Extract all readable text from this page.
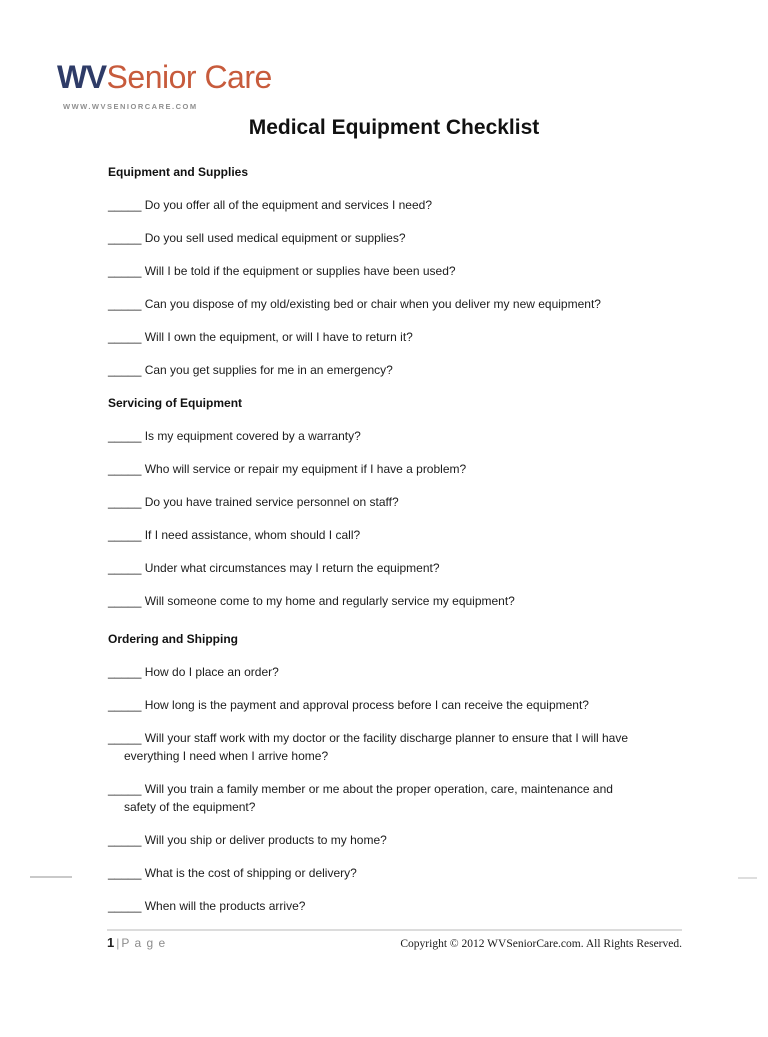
WVSenior Care
WWW.WVSENIORCARE.COM
Medical Equipment Checklist
Equipment and Supplies
_____ Do you offer all of the equipment and services I need?
_____ Do you sell used medical equipment or supplies?
_____ Will I be told if the equipment or supplies have been used?
_____ Can you dispose of my old/existing bed or chair when you deliver my new equipment?
_____ Will I own the equipment, or will I have to return it?
_____ Can you get supplies for me in an emergency?
Servicing of Equipment
_____ Is my equipment covered by a warranty?
_____ Who will service or repair my equipment if I have a problem?
_____ Do you have trained service personnel on staff?
_____ If I need assistance, whom should I call?
_____ Under what circumstances may I return the equipment?
_____ Will someone come to my home and regularly service my equipment?
Ordering and Shipping
_____ How do I place an order?
_____ How long is the payment and approval process before I can receive the equipment?
_____ Will your staff work with my doctor or the facility discharge planner to ensure that I will have
everything I need when I arrive home?
_____ Will you train a family member or me about the proper operation, care, maintenance and
safety of the equipment?
_____ Will you ship or deliver products to my home?
_____ What is the cost of shipping or delivery?
_____ When will the products arrive?
1 | P a g e	Copyright © 2012 WVSeniorCare.com. All Rights Reserved.
